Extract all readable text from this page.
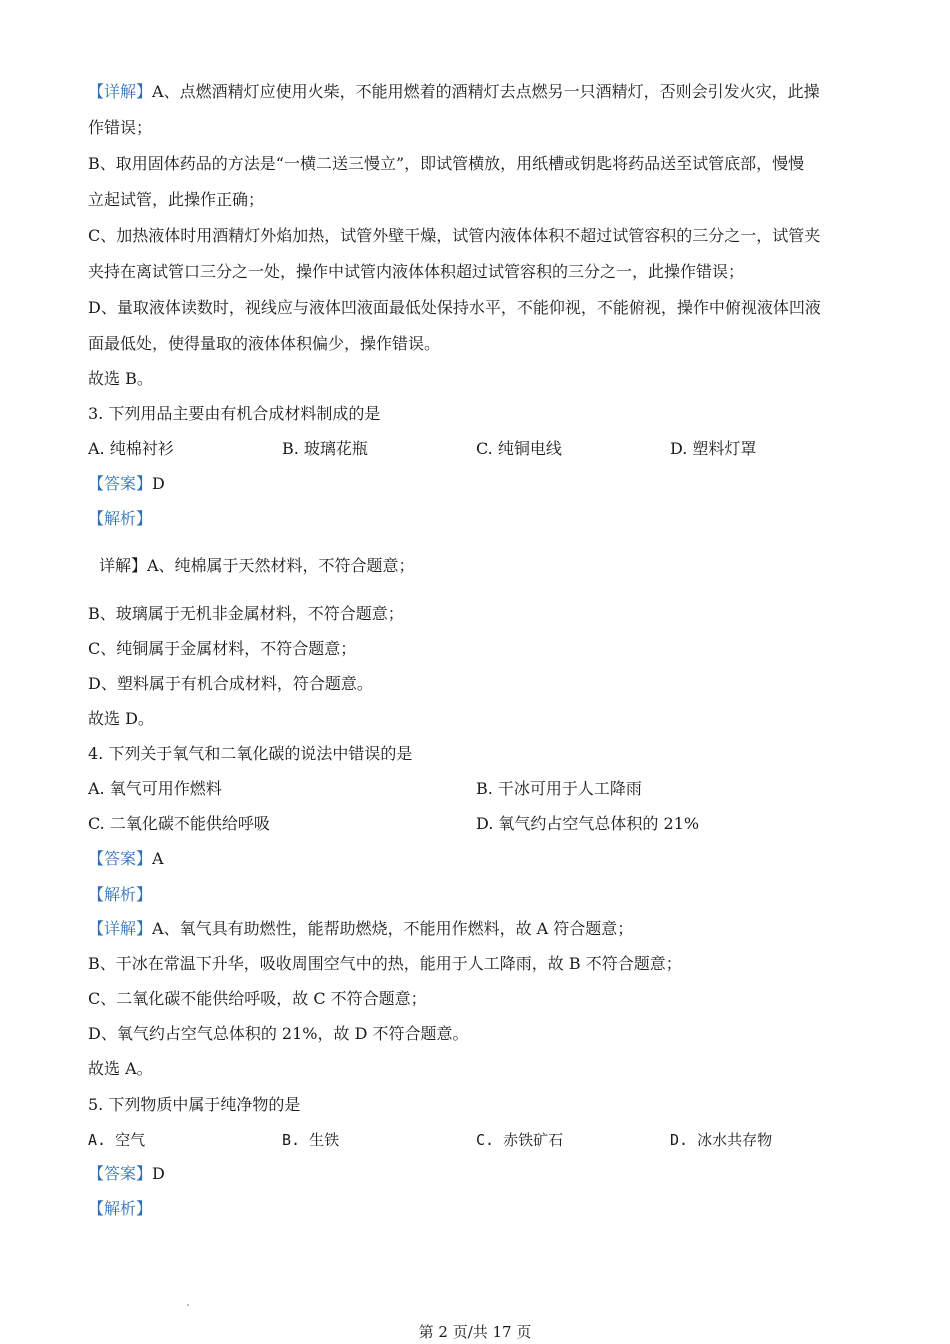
【详解】A、点燃酒精灯应使用火柴，不能用燃着的酒精灯去点燃另一只酒精灯，否则会引发火灾，此操
作错误；
B、取用固体药品的方法是“一横二送三慢立”，即试管横放，用纸槽或钥匙将药品送至试管底部，慢慢
立起试管，此操作正确；
C、加热液体时用酒精灯外焰加热，试管外壁干燥，试管内液体体积不超过试管容积的三分之一，试管夹
夹持在离试管口三分之一处，操作中试管内液体体积超过试管容积的三分之一，此操作错误；
D、量取液体读数时，视线应与液体凹液面最低处保持水平，不能仰视，不能俯视，操作中俯视液体凹液
面最低处，使得量取的液体体积偏少，操作错误。
故选 B。
3. 下列用品主要由有机合成材料制成的是
A. 纯棉衬衫	B. 玻璃花瓶	C. 纯铜电线	D. 塑料灯罩
【答案】D
【解析】
详解】A、纯棉属于天然材料，不符合题意；
B、玻璃属于无机非金属材料，不符合题意；
C、纯铜属于金属材料，不符合题意；
D、塑料属于有机合成材料，符合题意。
故选 D。
4. 下列关于氧气和二氧化碳的说法中错误的是
A. 氧气可用作燃料	B. 干冰可用于人工降雨
C. 二氧化碳不能供给呼吸	D. 氧气约占空气总体积的 21%
【答案】A
【解析】
【详解】A、氧气具有助燃性，能帮助燃烧，不能用作燃料，故 A 符合题意；
B、干冰在常温下升华，吸收周围空气中的热，能用于人工降雨，故 B 不符合题意；
C、二氧化碳不能供给呼吸，故 C 不符合题意；
D、氧气约占空气总体积的 21%，故 D 不符合题意。
故选 A。
5. 下列物质中属于纯净物的是
A. 空气	B. 生铁	C. 赤铁矿石	D. 冰水共存物
【答案】D
【解析】
第 2 页/共 17 页
